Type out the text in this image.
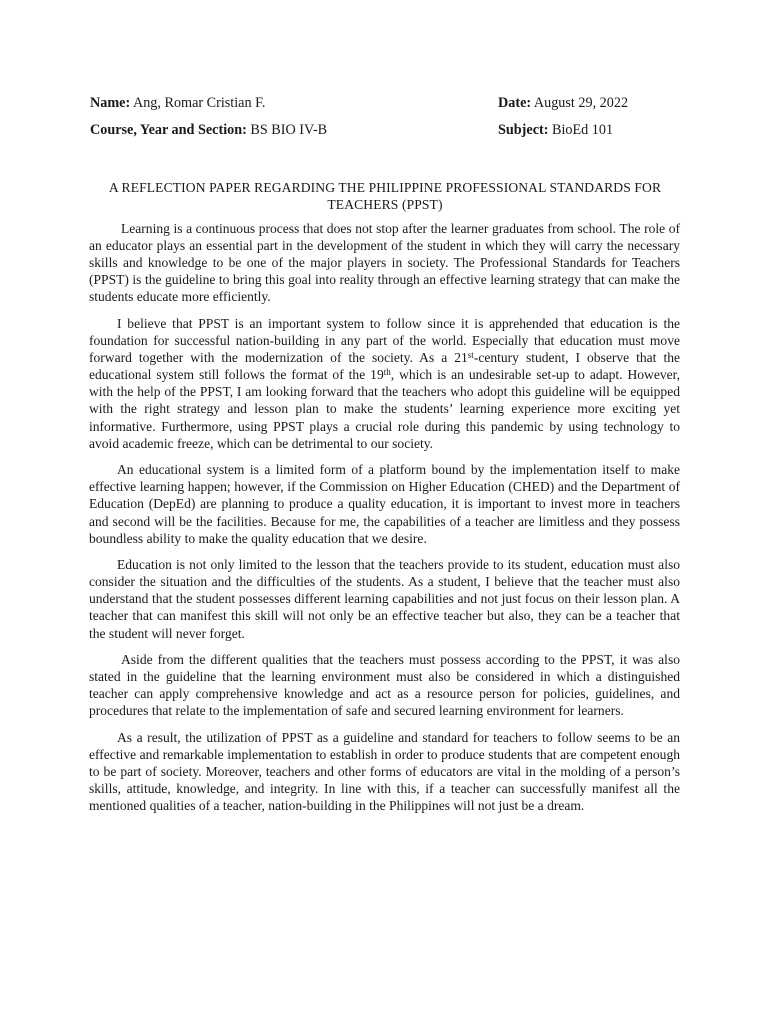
Name: Ang, Romar Cristian F.	Date: August 29, 2022
Course, Year and Section: BS BIO IV-B	Subject: BioEd 101
A REFLECTION PAPER REGARDING THE PHILIPPINE PROFESSIONAL STANDARDS FOR TEACHERS (PPST)

Learning is a continuous process that does not stop after the learner graduates from school. The role of an educator plays an essential part in the development of the student in which they will carry the necessary skills and knowledge to be one of the major players in society. The Professional Standards for Teachers (PPST) is the guideline to bring this goal into reality through an effective learning strategy that can make the students educate more efficiently.

I believe that PPST is an important system to follow since it is apprehended that education is the foundation for successful nation-building in any part of the world. Especially that education must move forward together with the modernization of the society. As a 21st-century student, I observe that the educational system still follows the format of the 19th, which is an undesirable set-up to adapt. However, with the help of the PPST, I am looking forward that the teachers who adopt this guideline will be equipped with the right strategy and lesson plan to make the students’ learning experience more exciting yet informative. Furthermore, using PPST plays a crucial role during this pandemic by using technology to avoid academic freeze, which can be detrimental to our society.

An educational system is a limited form of a platform bound by the implementation itself to make effective learning happen; however, if the Commission on Higher Education (CHED) and the Department of Education (DepEd) are planning to produce a quality education, it is important to invest more in teachers and second will be the facilities. Because for me, the capabilities of a teacher are limitless and they possess boundless ability to make the quality education that we desire.

Education is not only limited to the lesson that the teachers provide to its student, education must also consider the situation and the difficulties of the students. As a student, I believe that the teacher must also understand that the student possesses different learning capabilities and not just focus on their lesson plan. A teacher that can manifest this skill will not only be an effective teacher but also, they can be a teacher that the student will never forget.

Aside from the different qualities that the teachers must possess according to the PPST, it was also stated in the guideline that the learning environment must also be considered in which a distinguished teacher can apply comprehensive knowledge and act as a resource person for policies, guidelines, and procedures that relate to the implementation of safe and secured learning environment for learners.

As a result, the utilization of PPST as a guideline and standard for teachers to follow seems to be an effective and remarkable implementation to establish in order to produce students that are competent enough to be part of society. Moreover, teachers and other forms of educators are vital in the molding of a person’s skills, attitude, knowledge, and integrity. In line with this, if a teacher can successfully manifest all the mentioned qualities of a teacher, nation-building in the Philippines will not just be a dream.
